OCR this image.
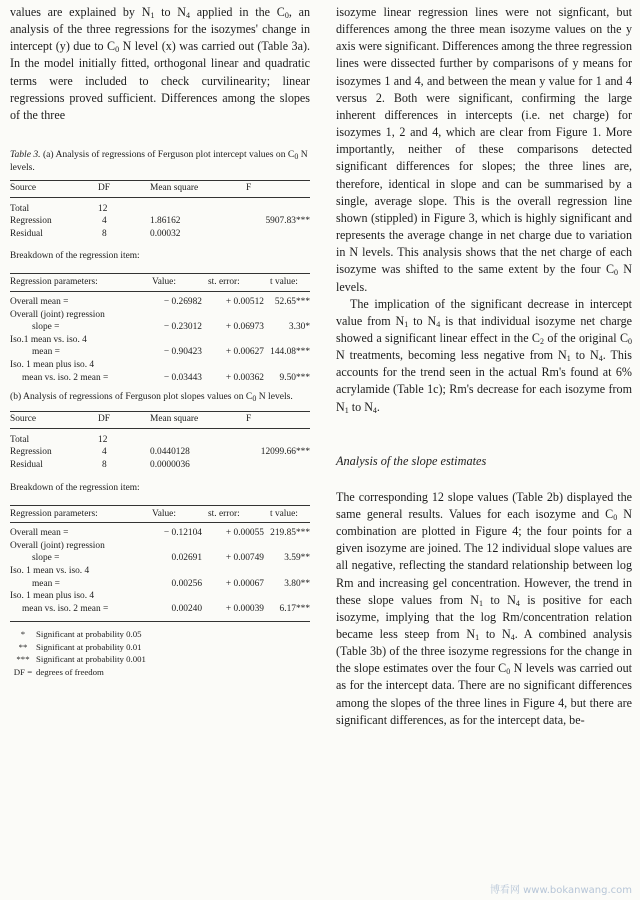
values are explained by $N_1$ to $N_4$ applied in the $C_0$, an analysis of the three regressions for the isozymes' change in intercept (y) due to $C_0$ N level (x) was carried out (Table 3a). In the model initially fitted, orthogonal linear and quadratic terms were included to check curvilinearity; linear regressions proved sufficient. Differences among the slopes of the three

Table 3. (a) Analysis of regressions of Ferguson plot intercept values on $C_0$ N levels.

Source	DF	Mean square	F
Total	12		
Regression	4	1.86162	5907.83***
Residual	8	0.00032	

Breakdown of the regression item:

Regression parameters:	Value:	st. error:	t value:
Overall mean =	− 0.26982	+ 0.00512	52.65***
Overall (joint) regression			
slope =	− 0.23012	+ 0.06973	3.30*
Iso.1 mean vs. iso. 4			
mean =	− 0.90423	+ 0.00627	144.08***
Iso. 1 mean plus iso. 4			
mean vs. iso. 2 mean =	− 0.03443	+ 0.00362	9.50***

(b) Analysis of regressions of Ferguson plot slopes values on $C_0$ N levels.

Source	DF	Mean square	F
Total	12		
Regression	4	0.0440128	12099.66***
Residual	8	0.0000036	

Breakdown of the regression item:

Regression parameters:	Value:	st. error:	t value:
Overall mean =	− 0.12104	+ 0.00055	219.85***
Overall (joint) regression			
slope =	0.02691	+ 0.00749	3.59**
Iso. 1 mean vs. iso. 4			
mean =	0.00256	+ 0.00067	3.80**
Iso. 1 mean plus iso. 4			
mean vs. iso. 2 mean =	0.00240	+ 0.00039	6.17***

* Significant at probability 0.05

** Significant at probability 0.01

*** Significant at probability 0.001

DF = degrees of freedom

isozyme linear regression lines were not signficant, but differences among the three mean isozyme values on the y axis were significant. Differences among the three regression lines were dissected further by comparisons of y means for isozymes 1 and 4, and between the mean y value for 1 and 4 versus 2. Both were significant, confirming the large inherent differences in intercepts (i.e. net charge) for isozymes 1, 2 and 4, which are clear from Figure 1. More importantly, neither of these comparisons detected significant differences for slopes; the three lines are, therefore, identical in slope and can be summarised by a single, average slope. This is the overall regression line shown (stippled) in Figure 3, which is highly significant and represents the average change in net charge due to variation in N levels. This analysis shows that the net charge of each isozyme was shifted to the same extent by the four $C_0$ N levels.

The implication of the significant decrease in intercept value from $N_1$ to $N_4$ is that individual isozyme net charge showed a significant linear effect in the $C_2$ of the original $C_0$ N treatments, becoming less negative from $N_1$ to $N_4$. This accounts for the trend seen in the actual Rm's found at 6% acrylamide (Table 1c); Rm's decrease for each isozyme from $N_1$ to $N_4$.

Analysis of the slope estimates

The corresponding 12 slope values (Table 2b) displayed the same general results. Values for each isozyme and $C_0$ N combination are plotted in Figure 4; the four points for a given isozyme are joined. The 12 individual slope values are all negative, reflecting the standard relationship between log Rm and increasing gel concentration. However, the trend in these slope values from $N_1$ to $N_4$ is positive for each isozyme, implying that the log Rm/concentration relation became less steep from $N_1$ to $N_4$. A combined analysis (Table 3b) of the three isozyme regressions for the change in the slope estimates over the four $C_0$ N levels was carried out as for the intercept data. There are no significant differences among the slopes of the three lines in Figure 4, but there are significant differences, as for the intercept data, be-

博看网 www.bokanwang.com
